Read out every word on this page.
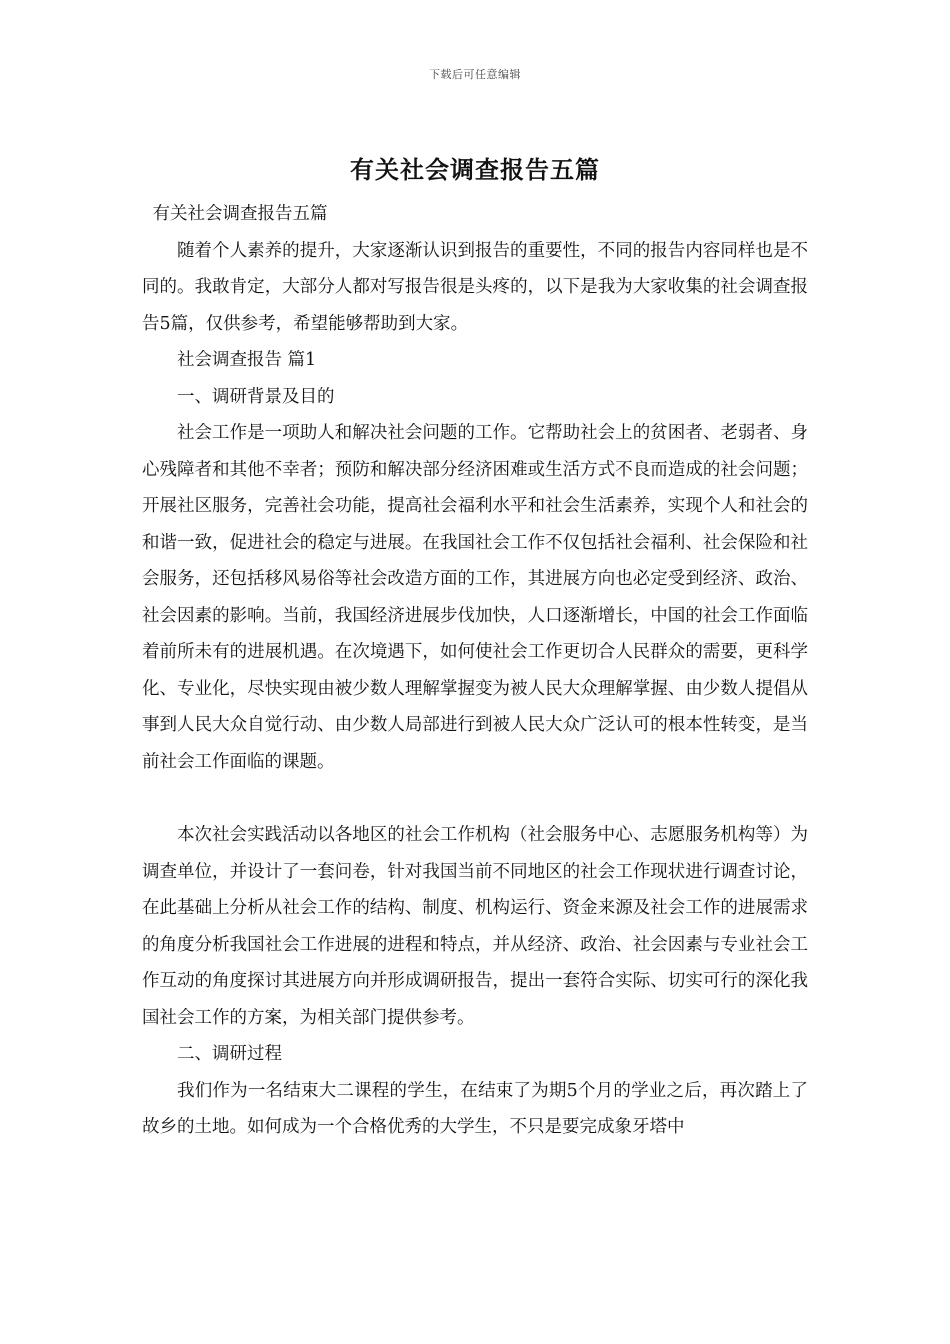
下载后可任意编辑
有关社会调查报告五篇

有关社会调查报告五篇

随着个人素养的提升，大家逐渐认识到报告的重要性，不同的报告内容同样也是不同的。我敢肯定，大部分人都对写报告很是头疼的，以下是我为大家收集的社会调查报告5篇，仅供参考，希望能够帮助到大家。

社会调查报告 篇1

一、调研背景及目的

社会工作是一项助人和解决社会问题的工作。它帮助社会上的贫困者、老弱者、身心残障者和其他不幸者；预防和解决部分经济困难或生活方式不良而造成的社会问题；开展社区服务，完善社会功能，提高社会福利水平和社会生活素养，实现个人和社会的和谐一致，促进社会的稳定与进展。在我国社会工作不仅包括社会福利、社会保险和社会服务，还包括移风易俗等社会改造方面的工作，其进展方向也必定受到经济、政治、社会因素的影响。当前，我国经济进展步伐加快，人口逐渐增长，中国的社会工作面临着前所未有的进展机遇。在次境遇下，如何使社会工作更切合人民群众的需要，更科学化、专业化，尽快实现由被少数人理解掌握变为被人民大众理解掌握、由少数人提倡从事到人民大众自觉行动、由少数人局部进行到被人民大众广泛认可的根本性转变，是当前社会工作面临的课题。

本次社会实践活动以各地区的社会工作机构（社会服务中心、志愿服务机构等）为调查单位，并设计了一套问卷，针对我国当前不同地区的社会工作现状进行调查讨论，在此基础上分析从社会工作的结构、制度、机构运行、资金来源及社会工作的进展需求的角度分析我国社会工作进展的进程和特点，并从经济、政治、社会因素与专业社会工作互动的角度探讨其进展方向并形成调研报告，提出一套符合实际、切实可行的深化我国社会工作的方案，为相关部门提供参考。

二、调研过程

我们作为一名结束大二课程的学生，在结束了为期5个月的学业之后，再次踏上了故乡的土地。如何成为一个合格优秀的大学生，不只是要完成象牙塔中
